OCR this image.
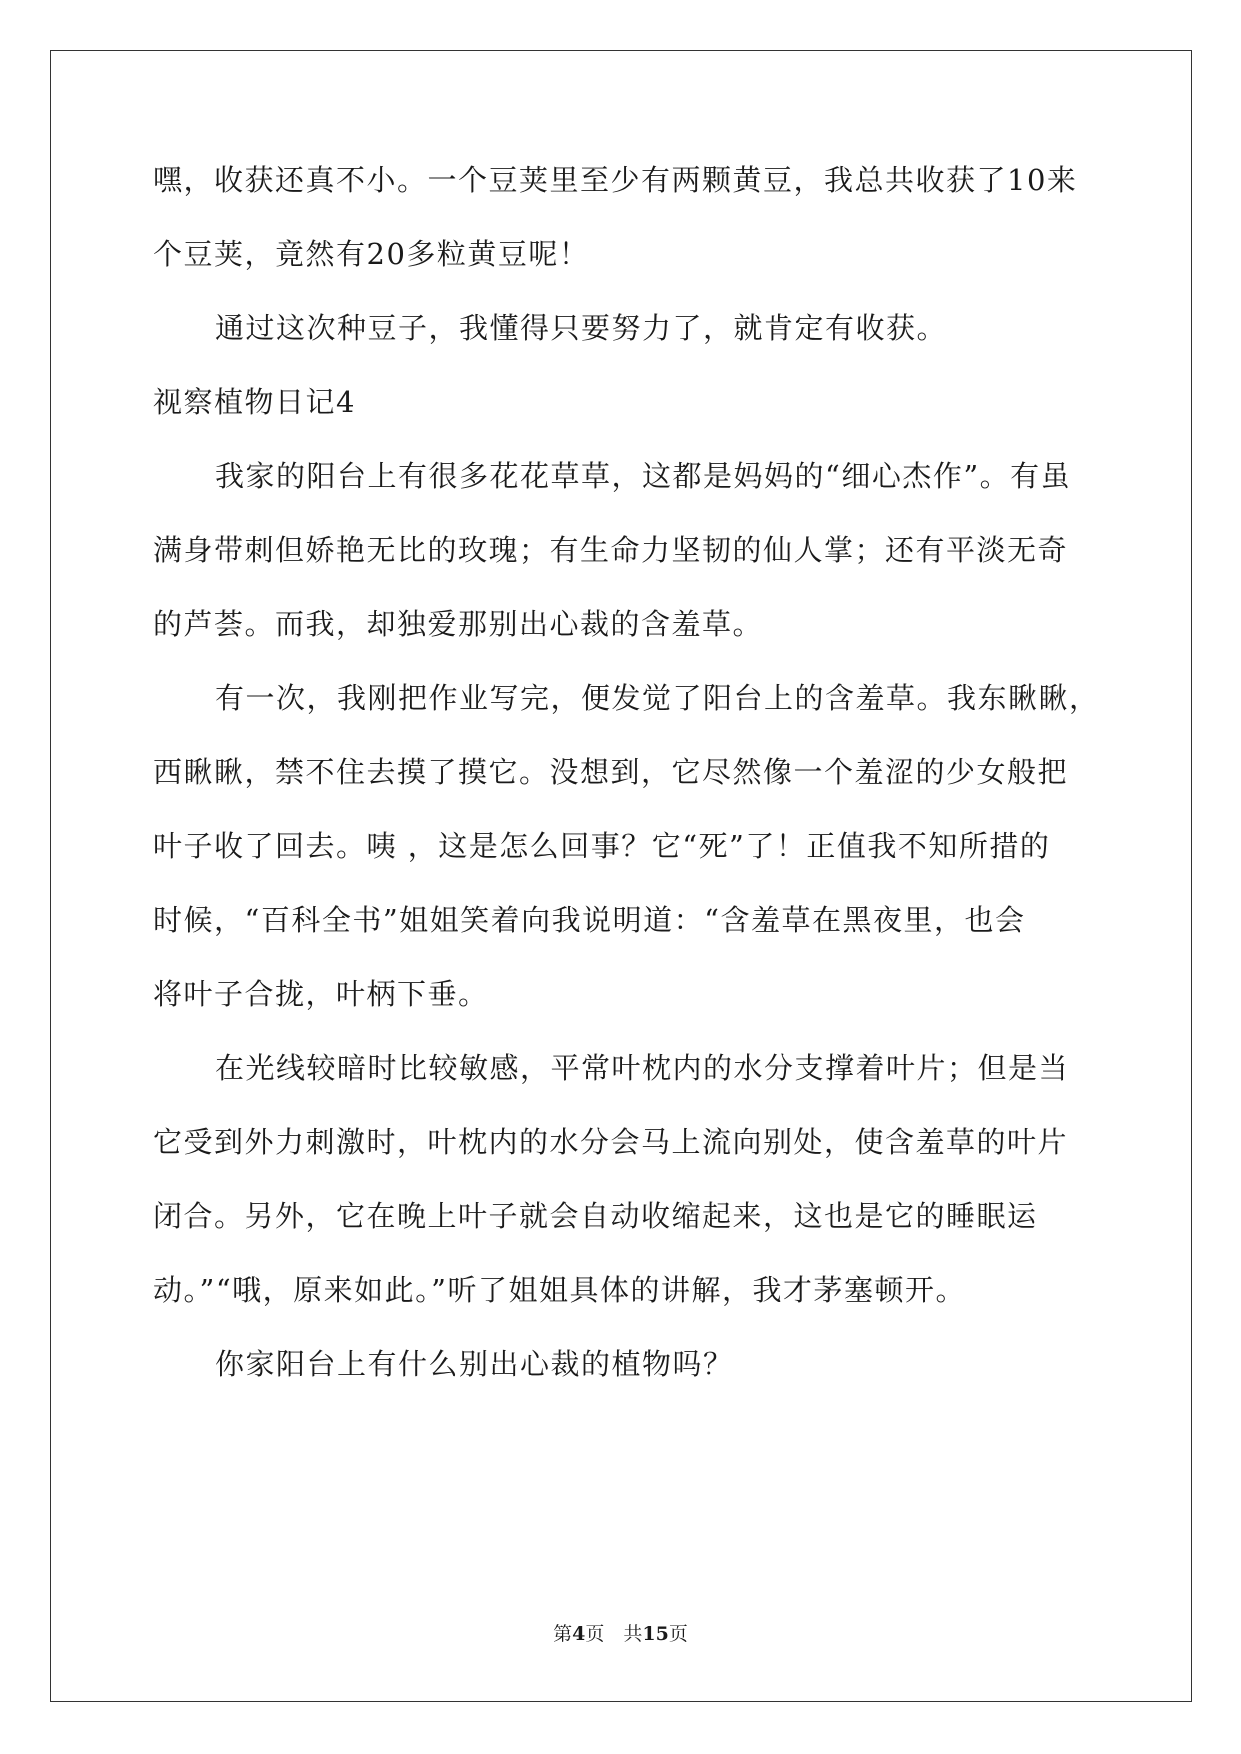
嘿，收获还真不小。一个豆荚里至少有两颗黄豆，我总共收获了10来
个豆荚，竟然有20多粒黄豆呢！
通过这次种豆子，我懂得只要努力了，就肯定有收获。
视察植物日记4
我家的阳台上有很多花花草草，这都是妈妈的“细心杰作”。有虽
满身带刺但娇艳无比的玫瑰；有生命力坚韧的仙人掌；还有平淡无奇
的芦荟。而我，却独爱那别出心裁的含羞草。
有一次，我刚把作业写完，便发觉了阳台上的含羞草。我东瞅瞅，
西瞅瞅，禁不住去摸了摸它。没想到，它尽然像一个羞涩的少女般把
叶子收了回去。咦 ，这是怎么回事？它“死”了！正值我不知所措的
时候，“百科全书”姐姐笑着向我说明道：“含羞草在黑夜里，也会
将叶子合拢，叶柄下垂。
在光线较暗时比较敏感，平常叶枕内的水分支撑着叶片；但是当
它受到外力刺激时，叶枕内的水分会马上流向别处，使含羞草的叶片
闭合。另外，它在晚上叶子就会自动收缩起来，这也是它的睡眠运
动。”“哦，原来如此。”听了姐姐具体的讲解，我才茅塞顿开。
你家阳台上有什么别出心裁的植物吗？
第4页　共15页
